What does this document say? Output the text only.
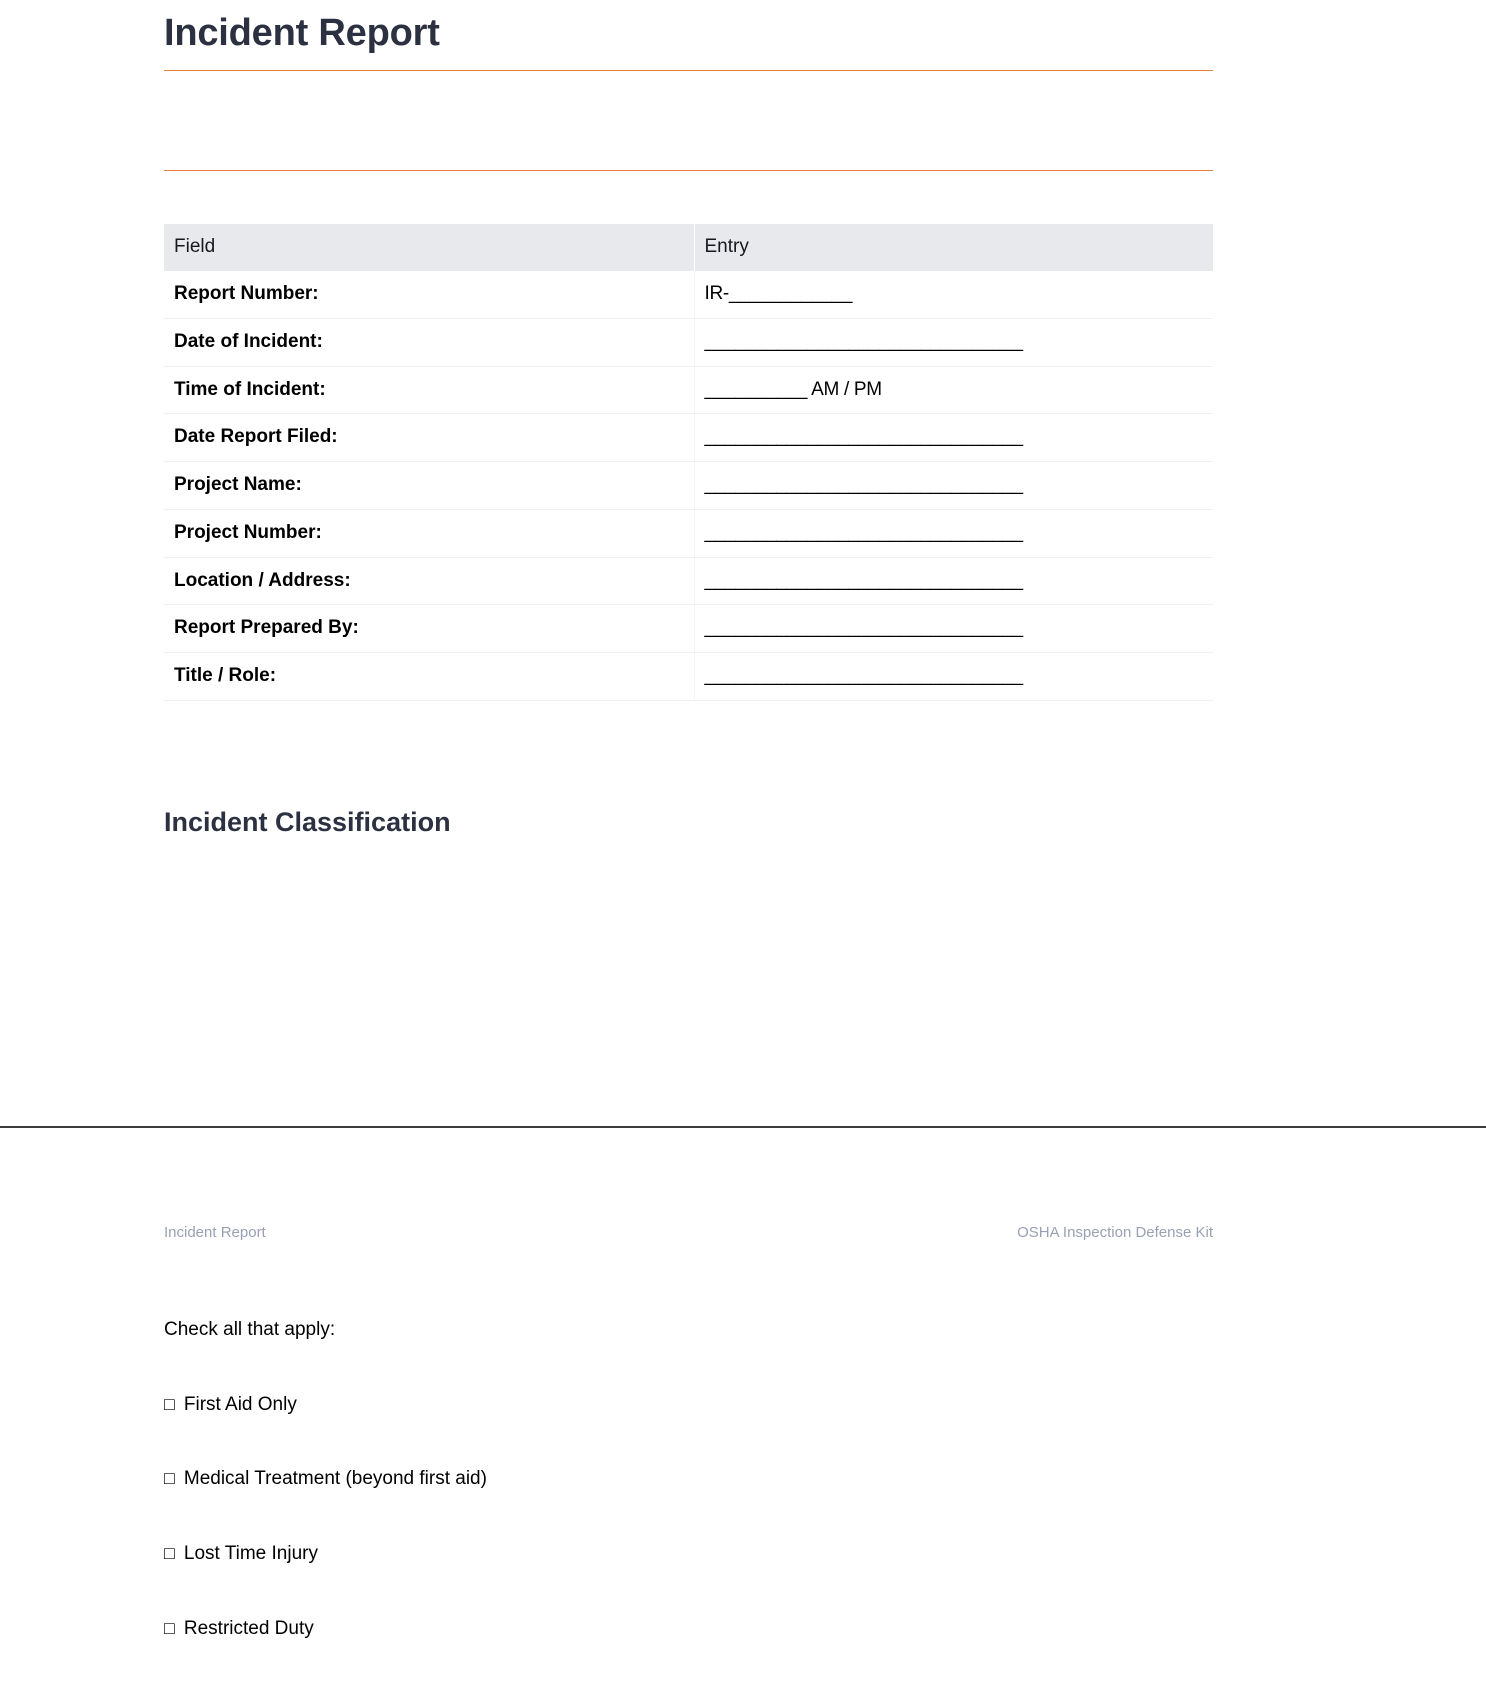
Incident Report
Field	Entry
Report Number:	IR-____________
Date of Incident:	_______________________________
Time of Incident:	__________ AM / PM
Date Report Filed:	_______________________________
Project Name:	_______________________________
Project Number:	_______________________________
Location / Address:	_______________________________
Report Prepared By:	_______________________________
Title / Role:	_______________________________
Incident Classification
Incident Report	OSHA Inspection Defense Kit

Check all that apply:

□ First Aid Only
□ Medical Treatment (beyond first aid)
□ Lost Time Injury
□ Restricted Duty
